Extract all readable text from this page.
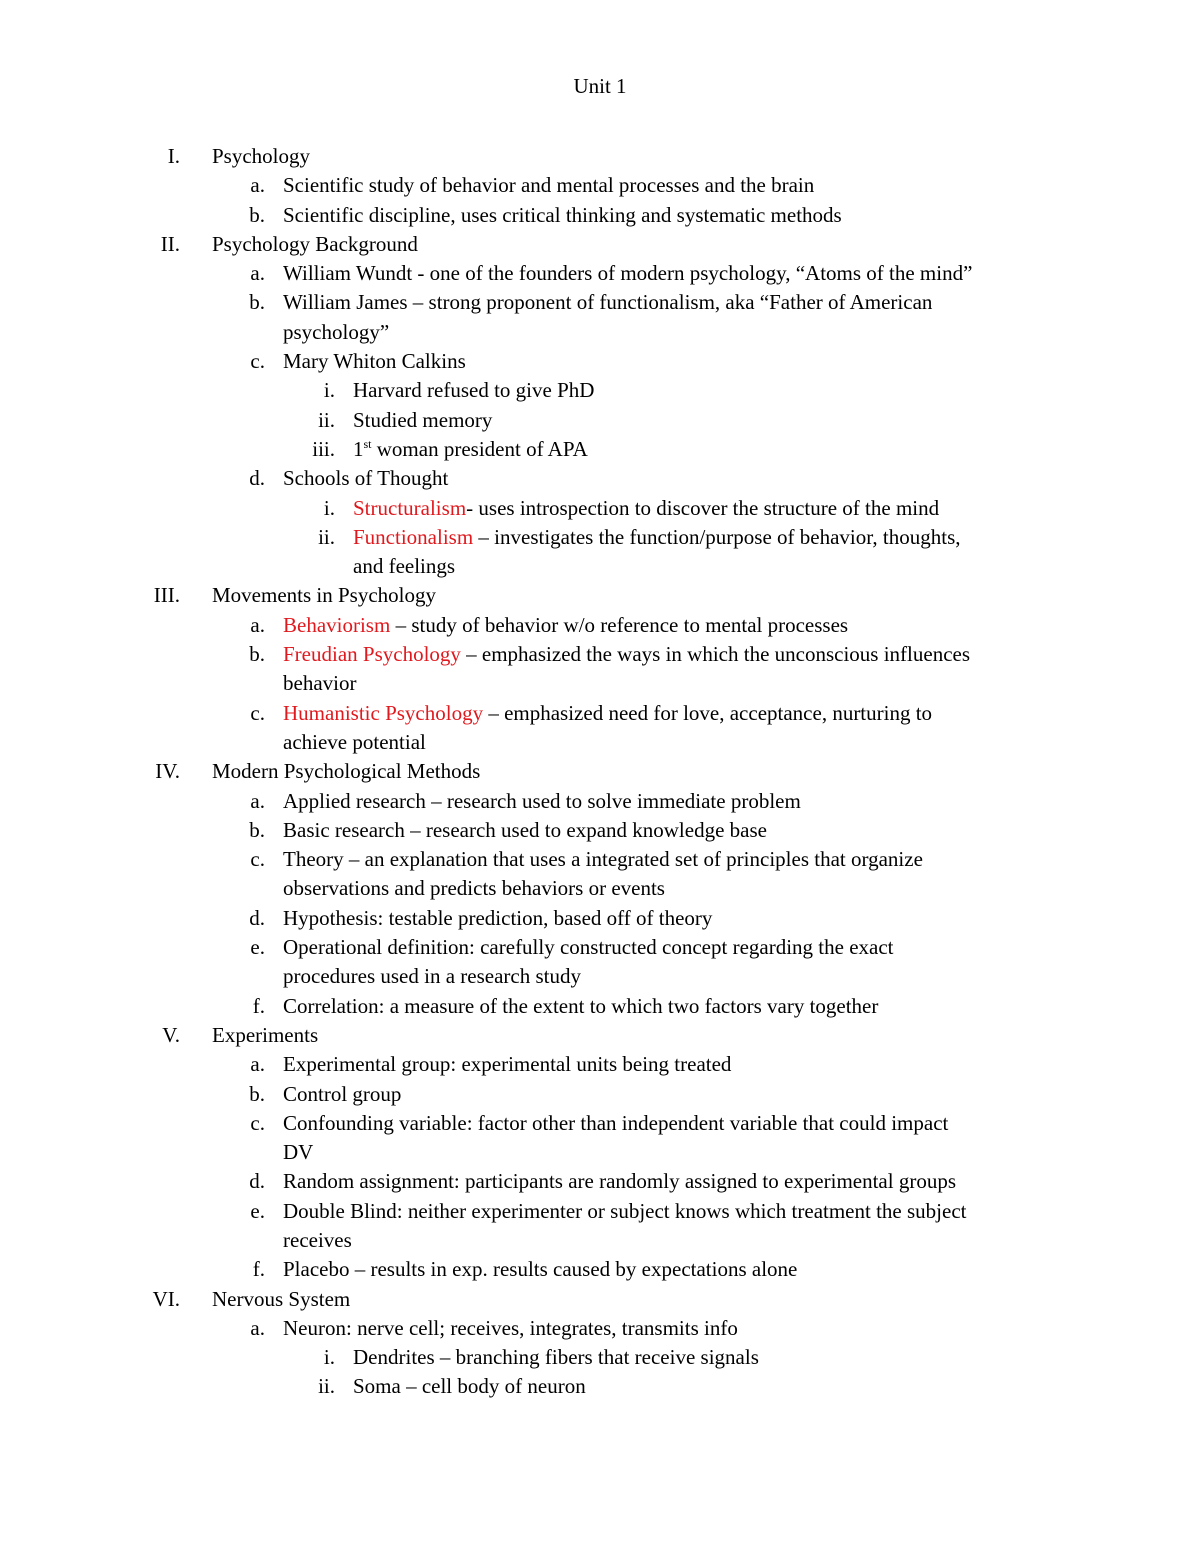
Unit 1
I. Psychology
a. Scientific study of behavior and mental processes and the brain
b. Scientific discipline, uses critical thinking and systematic methods
II. Psychology Background
a. William Wundt - one of the founders of modern psychology, “Atoms of the mind”
b. William James – strong proponent of functionalism, aka “Father of American
psychology”
c. Mary Whiton Calkins
i. Harvard refused to give PhD
ii. Studied memory
iii. 1st woman president of APA
d. Schools of Thought
i. Structuralism- uses introspection to discover the structure of the mind
ii. Functionalism – investigates the function/purpose of behavior, thoughts,
and feelings
III. Movements in Psychology
a. Behaviorism – study of behavior w/o reference to mental processes
b. Freudian Psychology – emphasized the ways in which the unconscious influences
behavior
c. Humanistic Psychology – emphasized need for love, acceptance, nurturing to
achieve potential
IV. Modern Psychological Methods
a. Applied research – research used to solve immediate problem
b. Basic research – research used to expand knowledge base
c. Theory – an explanation that uses a integrated set of principles that organize
observations and predicts behaviors or events
d. Hypothesis: testable prediction, based off of theory
e. Operational definition: carefully constructed concept regarding the exact
procedures used in a research study
f. Correlation: a measure of the extent to which two factors vary together
V. Experiments
a. Experimental group: experimental units being treated
b. Control group
c. Confounding variable: factor other than independent variable that could impact
DV
d. Random assignment: participants are randomly assigned to experimental groups
e. Double Blind: neither experimenter or subject knows which treatment the subject
receives
f. Placebo – results in exp. results caused by expectations alone
VI. Nervous System
a. Neuron: nerve cell; receives, integrates, transmits info
i. Dendrites – branching fibers that receive signals
ii. Soma – cell body of neuron
